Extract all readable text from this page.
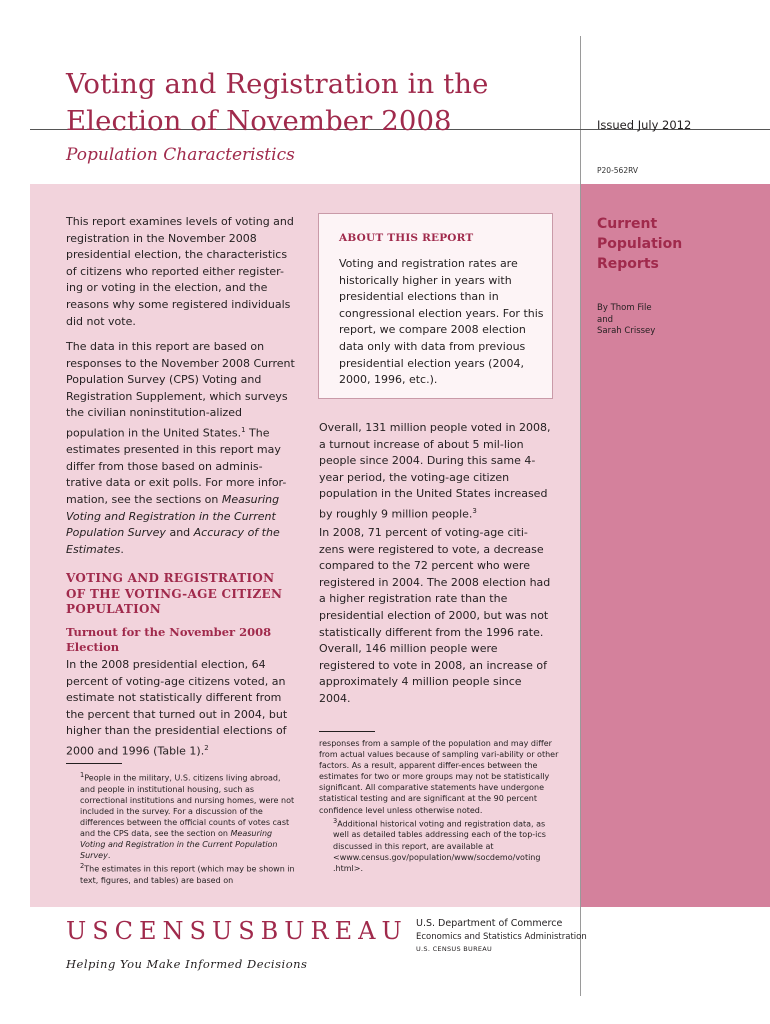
Voting and Registration in the
Election of November 2008
Population Characteristics
Issued July 2012
P20-562RV
Current
Population
Reports
By Thom File
and
Sarah Crissey
This report examines levels of voting and registration in the November 2008 presidential election, the characteristics of citizens who reported either register-ing or voting in the election, and the reasons why some registered individuals did not vote.
The data in this report are based on responses to the November 2008 Current Population Survey (CPS) Voting and Registration Supplement, which surveys the civilian noninstitution-alized population in the United States.$^1$ The estimates presented in this report may differ from those based on adminis-trative data or exit polls. For more infor-mation, see the sections on Measuring Voting and Registration in the Current Population Survey and Accuracy of the Estimates.
VOTING AND REGISTRATION
OF THE VOTING-AGE CITIZEN
POPULATION
Turnout for the November 2008
Election
In the 2008 presidential election, 64 percent of voting-age citizens voted, an estimate not statistically different from the percent that turned out in 2004, but higher than the presidential elections of 2000 and 1996 (Table 1).$^2$
$^1$People in the military, U.S. citizens living abroad, and people in institutional housing, such as correctional institutions and nursing homes, were not included in the survey. For a discussion of the differences between the official counts of votes cast and the CPS data, see the section on Measuring Voting and Registration in the Current Population Survey.
$^2$The estimates in this report (which may be shown in text, figures, and tables) are based on
ABOUT THIS REPORT
Voting and registration rates are historically higher in years with presidential elections than in congressional election years. For this report, we compare 2008 election data only with data from previous presidential election years (2004, 2000, 1996, etc.).
Overall, 131 million people voted in 2008, a turnout increase of about 5 mil-lion people since 2004. During this same 4-year period, the voting-age citizen population in the United States increased by roughly 9 million people.$^3$
In 2008, 71 percent of voting-age citi-zens were registered to vote, a decrease compared to the 72 percent who were registered in 2004. The 2008 election had a higher registration rate than the presidential election of 2000, but was not statistically different from the 1996 rate. Overall, 146 million people were registered to vote in 2008, an increase of approximately 4 million people since 2004.
responses from a sample of the population and may differ from actual values because of sampling vari-ability or other factors. As a result, apparent differ-ences between the estimates for two or more groups may not be statistically significant. All comparative statements have undergone statistical testing and are significant at the 90 percent confidence level unless otherwise noted.
$^3$Additional historical voting and registration data, as well as detailed tables addressing each of the top-ics discussed in this report, are available at <www.census.gov/population/www/socdemo/voting .html>.
USCENSUSBUREAU
Helping You Make Informed Decisions
U.S. Department of Commerce
Economics and Statistics Administration
U.S. CENSUS BUREAU
